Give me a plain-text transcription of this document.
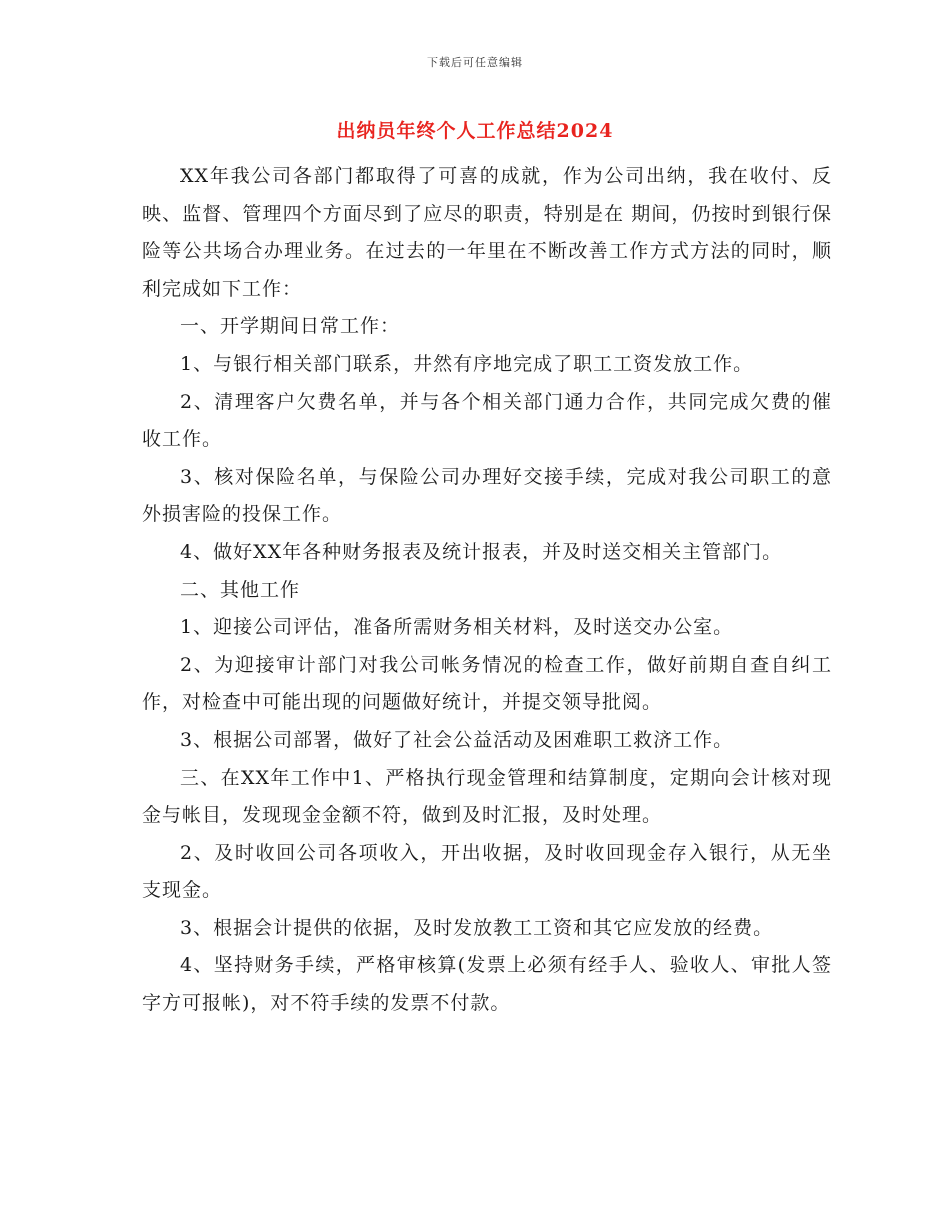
下载后可任意编辑
出纳员年终个人工作总结2024

XX年我公司各部门都取得了可喜的成就，作为公司出纳，我在收付、反映、监督、管理四个方面尽到了应尽的职责，特别是在 期间，仍按时到银行保险等公共场合办理业务。在过去的一年里在不断改善工作方式方法的同时，顺利完成如下工作：

一、开学期间日常工作：

1、与银行相关部门联系，井然有序地完成了职工工资发放工作。

2、清理客户欠费名单，并与各个相关部门通力合作，共同完成欠费的催收工作。

3、核对保险名单，与保险公司办理好交接手续，完成对我公司职工的意外损害险的投保工作。

4、做好XX年各种财务报表及统计报表，并及时送交相关主管部门。

二、其他工作

1、迎接公司评估，准备所需财务相关材料，及时送交办公室。

2、为迎接审计部门对我公司帐务情况的检查工作，做好前期自查自纠工作，对检查中可能出现的问题做好统计，并提交领导批阅。

3、根据公司部署，做好了社会公益活动及困难职工救济工作。

三、在XX年工作中1、严格执行现金管理和结算制度，定期向会计核对现金与帐目，发现现金金额不符，做到及时汇报，及时处理。

2、及时收回公司各项收入，开出收据，及时收回现金存入银行，从无坐支现金。

3、根据会计提供的依据，及时发放教工工资和其它应发放的经费。

4、坚持财务手续，严格审核算(发票上必须有经手人、验收人、审批人签字方可报帐)，对不符手续的发票不付款。
